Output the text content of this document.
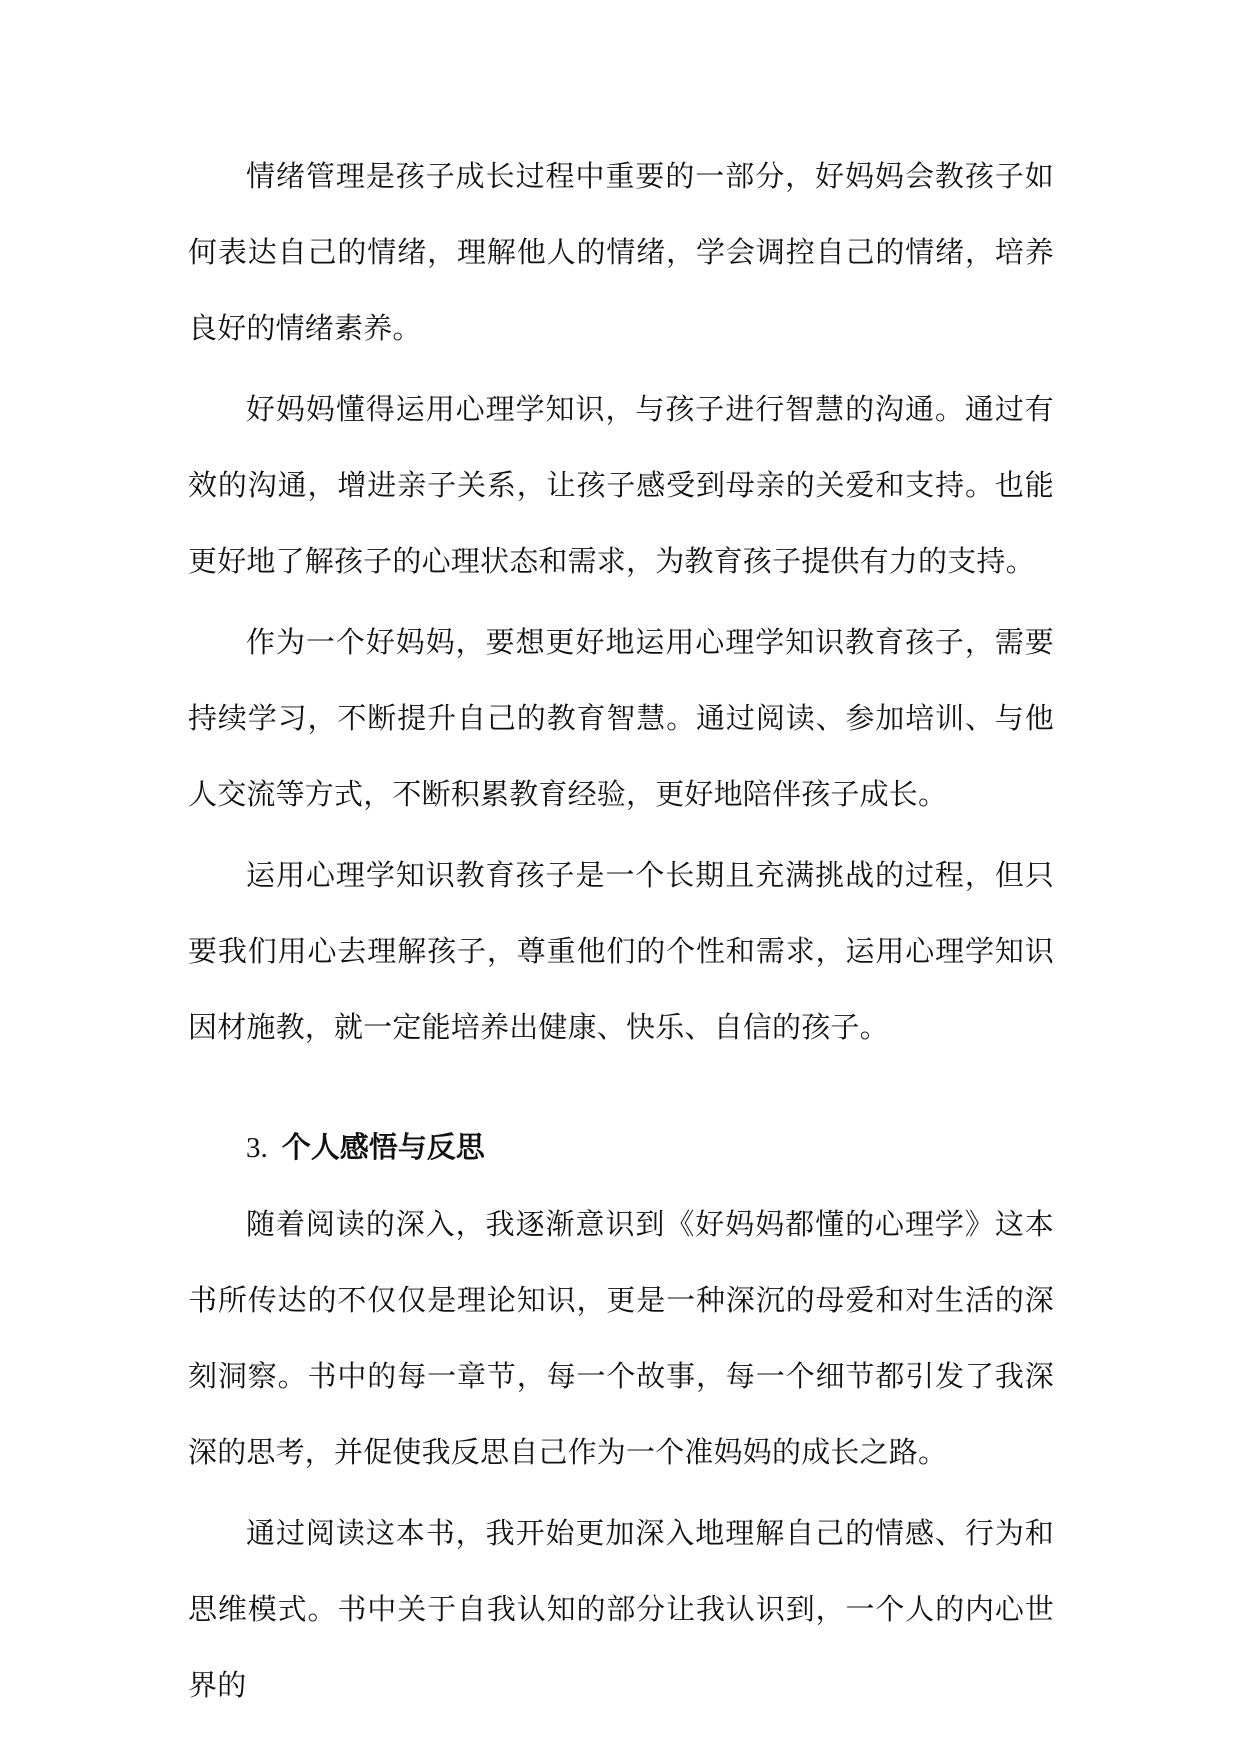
情绪管理是孩子成长过程中重要的一部分，好妈妈会教孩子如何表达自己的情绪，理解他人的情绪，学会调控自己的情绪，培养良好的情绪素养。

好妈妈懂得运用心理学知识，与孩子进行智慧的沟通。通过有效的沟通，增进亲子关系，让孩子感受到母亲的关爱和支持。也能更好地了解孩子的心理状态和需求，为教育孩子提供有力的支持。

作为一个好妈妈，要想更好地运用心理学知识教育孩子，需要持续学习，不断提升自己的教育智慧。通过阅读、参加培训、与他人交流等方式，不断积累教育经验，更好地陪伴孩子成长。

运用心理学知识教育孩子是一个长期且充满挑战的过程，但只要我们用心去理解孩子，尊重他们的个性和需求，运用心理学知识因材施教，就一定能培养出健康、快乐、自信的孩子。

3. 个人感悟与反思

随着阅读的深入，我逐渐意识到《好妈妈都懂的心理学》这本书所传达的不仅仅是理论知识，更是一种深沉的母爱和对生活的深刻洞察。书中的每一章节，每一个故事，每一个细节都引发了我深深的思考，并促使我反思自己作为一个准妈妈的成长之路。

通过阅读这本书，我开始更加深入地理解自己的情感、行为和思维模式。书中关于自我认知的部分让我认识到，一个人的内心世界的
